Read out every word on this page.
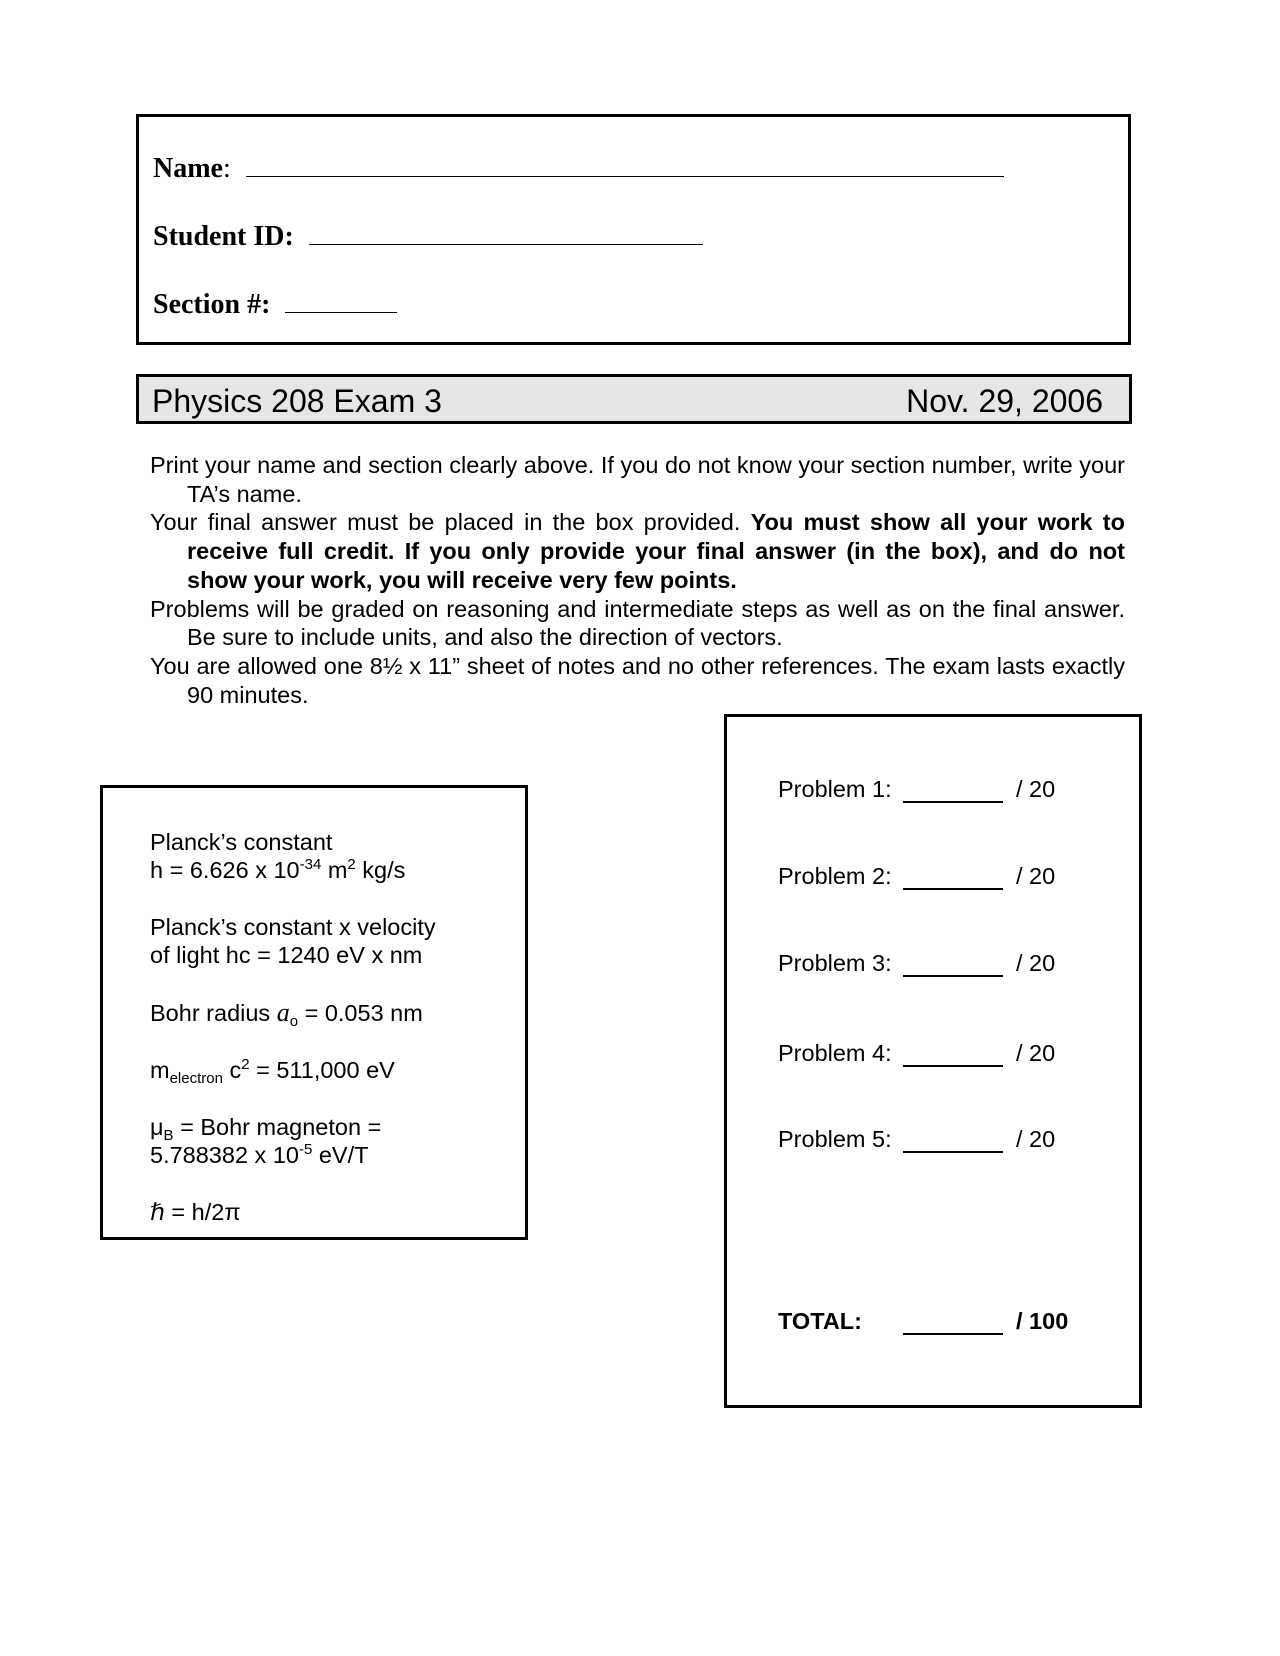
Name:
Student ID:
Section #:
Physics 208 Exam 3	Nov. 29, 2006

Print your name and section clearly above. If you do not know your section number, write your TA’s name.

Your final answer must be placed in the box provided. You must show all your work to receive full credit. If you only provide your final answer (in the box), and do not show your work, you will receive very few points.

Problems will be graded on reasoning and intermediate steps as well as on the final answer. Be sure to include units, and also the direction of vectors.

You are allowed one 8½ x 11” sheet of notes and no other references. The exam lasts exactly 90 minutes.

Planck’s constant
h = 6.626 x $10^{-34}$ $m^2$ kg/s
Planck’s constant x velocity
of light hc = 1240 eV x nm
Bohr radius $a_o = 0.053$ nm
$m_{electron}$ $c^2 = 511,000$ eV
$\mu_B$ = Bohr magneton =
5.788382 x $10^{-5}$ eV/T
ℏ = h/2π
Problem 1:	/ 20
Problem 2:	/ 20
Problem 3:	/ 20
Problem 4:	/ 20
Problem 5:	/ 20
TOTAL:	/ 100
